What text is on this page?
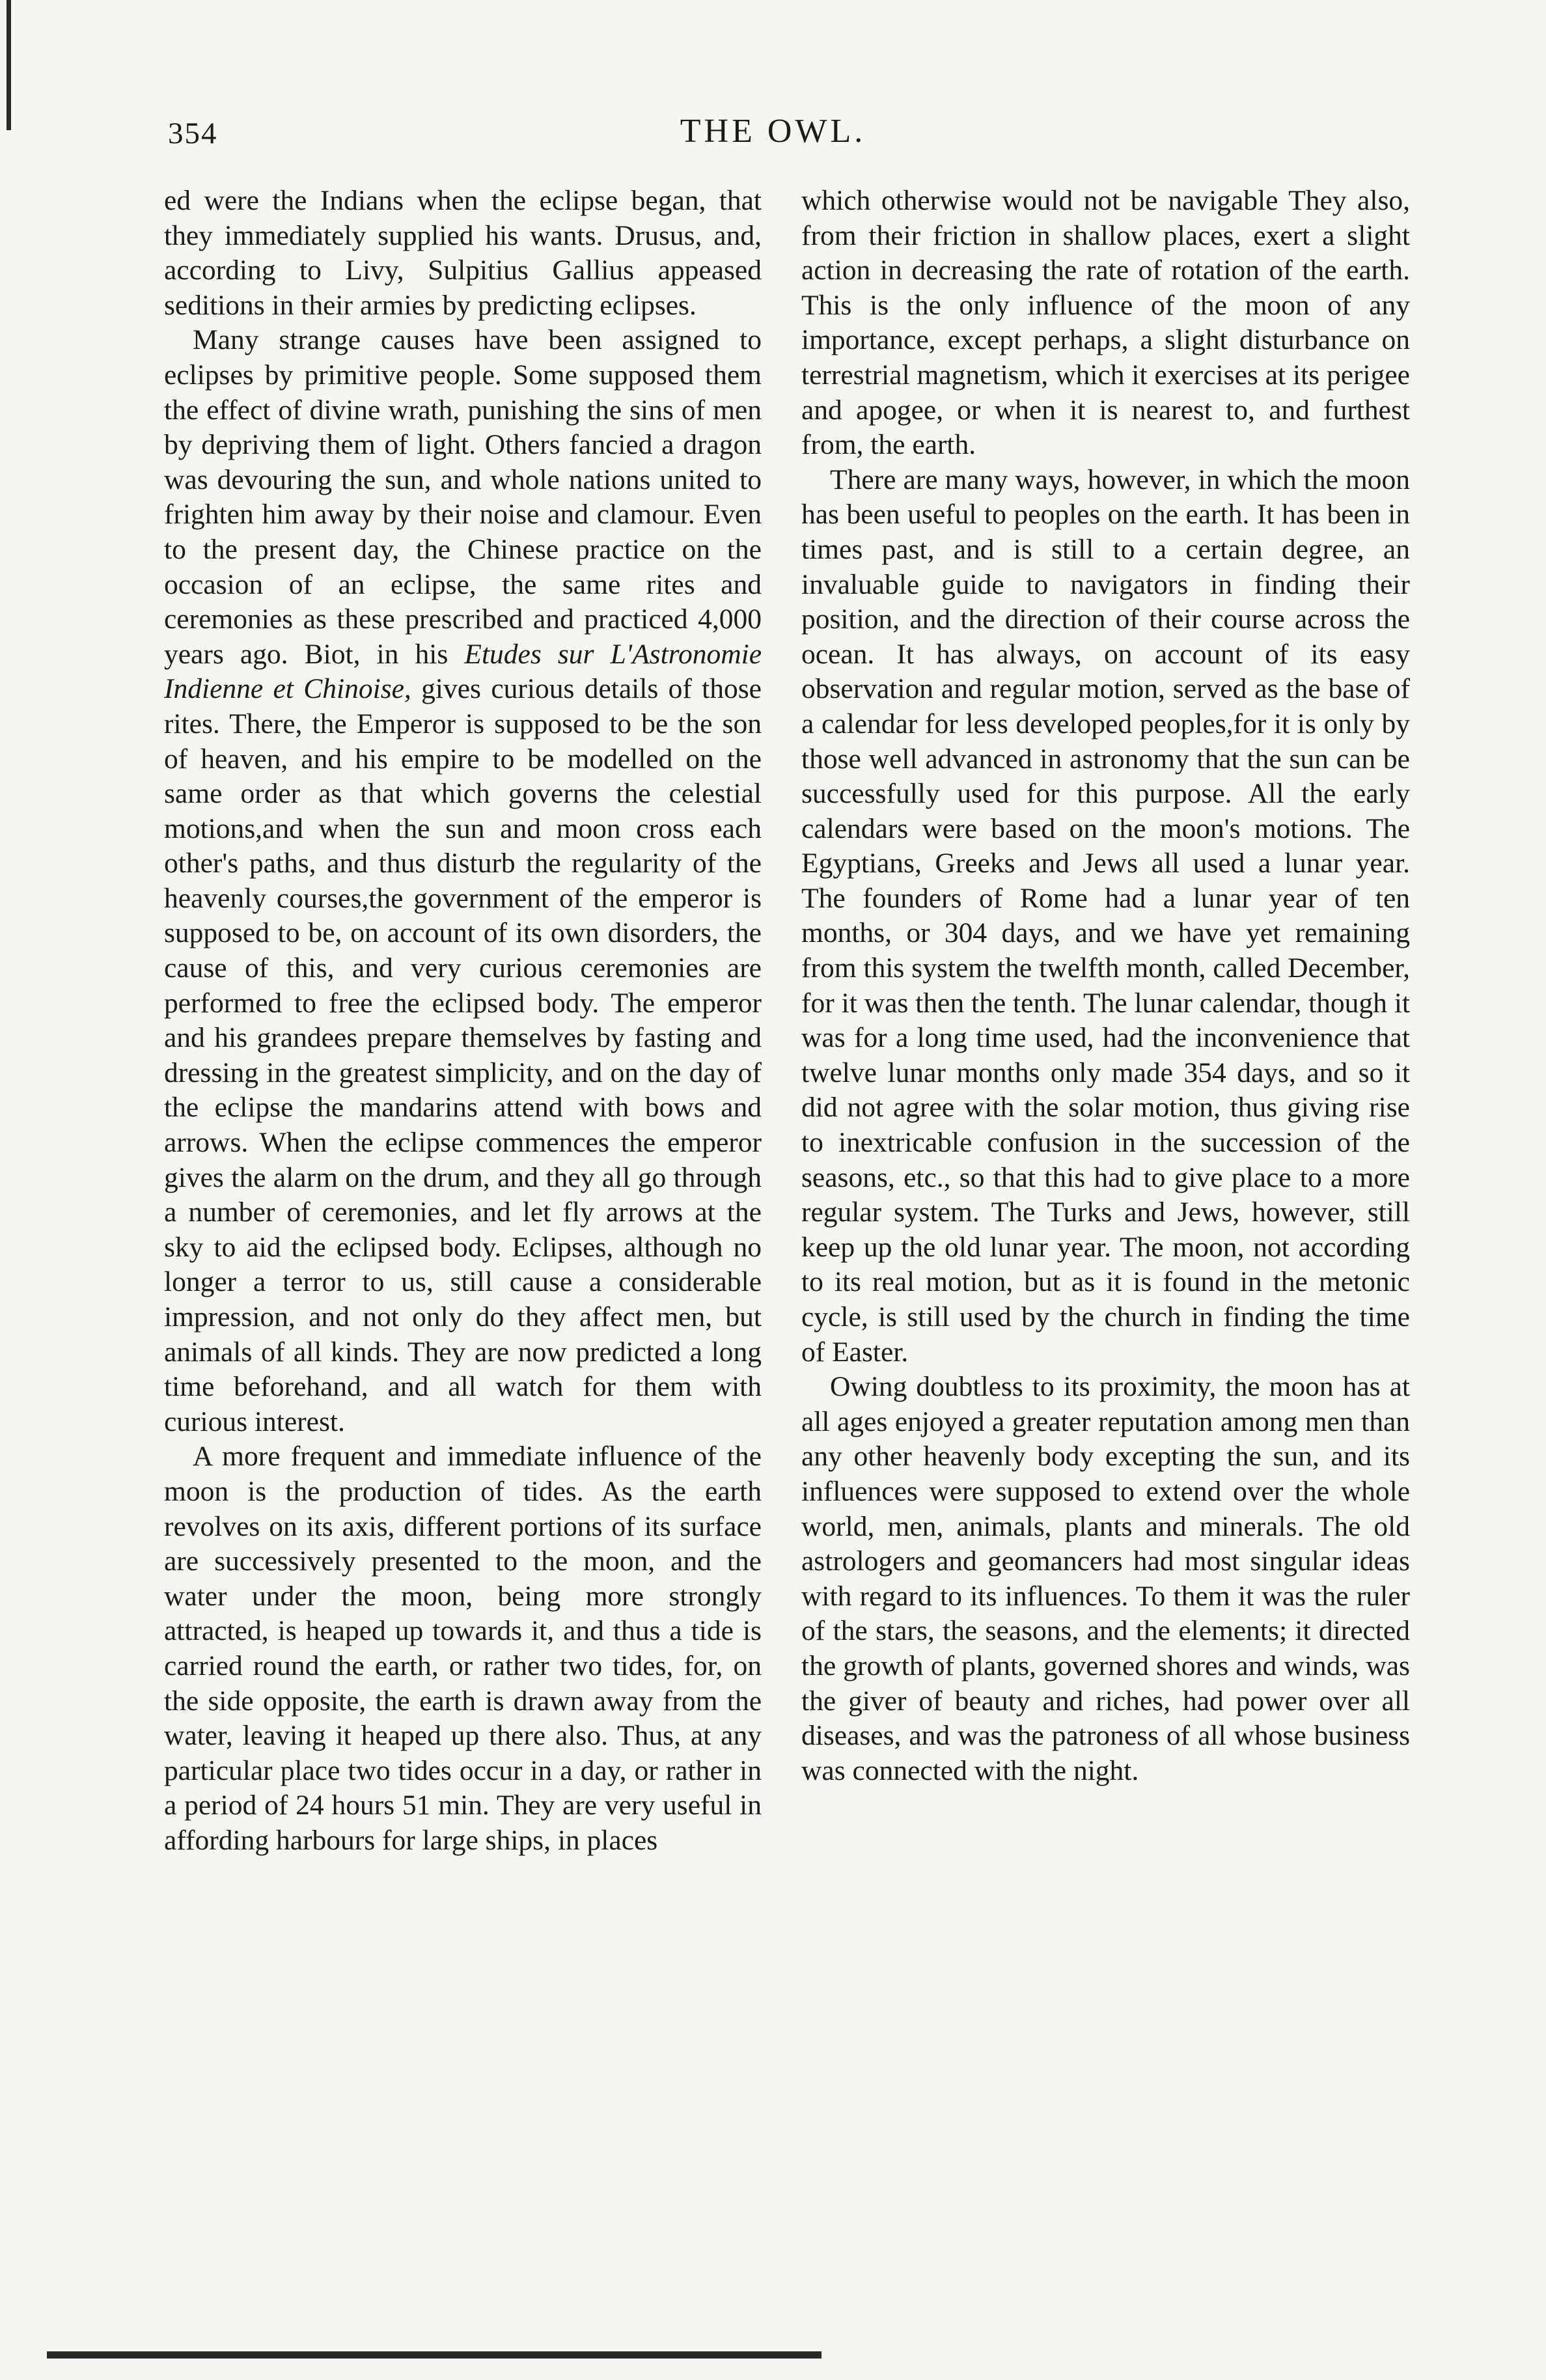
354	THE OWL.

ed were the Indians when the eclipse began, that they immediately supplied his wants. Drusus, and, according to Livy, Sulpitius Gallius appeased seditions in their armies by predicting eclipses.

Many strange causes have been assigned to eclipses by primitive people. Some supposed them the effect of divine wrath, punishing the sins of men by depriving them of light. Others fancied a dragon was devouring the sun, and whole nations united to frighten him away by their noise and clamour. Even to the present day, the Chinese practice on the occasion of an eclipse, the same rites and ceremonies as these prescribed and practiced 4,000 years ago. Biot, in his Etudes sur L'Astronomie Indienne et Chinoise, gives curious details of those rites. There, the Emperor is supposed to be the son of heaven, and his empire to be modelled on the same order as that which governs the celestial motions,and when the sun and moon cross each other's paths, and thus disturb the regularity of the heavenly courses,the government of the emperor is supposed to be, on account of its own disorders, the cause of this, and very curious ceremonies are performed to free the eclipsed body. The emperor and his grandees prepare themselves by fasting and dressing in the greatest simplicity, and on the day of the eclipse the mandarins attend with bows and arrows. When the eclipse commences the emperor gives the alarm on the drum, and they all go through a number of ceremonies, and let fly arrows at the sky to aid the eclipsed body. Eclipses, although no longer a terror to us, still cause a considerable impression, and not only do they affect men, but animals of all kinds. They are now predicted a long time beforehand, and all watch for them with curious interest.

A more frequent and immediate influence of the moon is the production of tides. As the earth revolves on its axis, different portions of its surface are successively presented to the moon, and the water under the moon, being more strongly attracted, is heaped up towards it, and thus a tide is carried round the earth, or rather two tides, for, on the side opposite, the earth is drawn away from the water, leaving it heaped up there also. Thus, at any particular place two tides occur in a day, or rather in a period of 24 hours 51 min. They are very useful in affording harbours for large ships, in places

which otherwise would not be navigable They also, from their friction in shallow places, exert a slight action in decreasing the rate of rotation of the earth. This is the only influence of the moon of any importance, except perhaps, a slight disturbance on terrestrial magnetism, which it exercises at its perigee and apogee, or when it is nearest to, and furthest from, the earth.

There are many ways, however, in which the moon has been useful to peoples on the earth. It has been in times past, and is still to a certain degree, an invaluable guide to navigators in finding their position, and the direction of their course across the ocean. It has always, on account of its easy observation and regular motion, served as the base of a calendar for less developed peoples,for it is only by those well advanced in astronomy that the sun can be successfully used for this purpose. All the early calendars were based on the moon's motions. The Egyptians, Greeks and Jews all used a lunar year. The founders of Rome had a lunar year of ten months, or 304 days, and we have yet remaining from this system the twelfth month, called December, for it was then the tenth. The lunar calendar, though it was for a long time used, had the inconvenience that twelve lunar months only made 354 days, and so it did not agree with the solar motion, thus giving rise to inextricable confusion in the succession of the seasons, etc., so that this had to give place to a more regular system. The Turks and Jews, however, still keep up the old lunar year. The moon, not according to its real motion, but as it is found in the metonic cycle, is still used by the church in finding the time of Easter.

Owing doubtless to its proximity, the moon has at all ages enjoyed a greater reputation among men than any other heavenly body excepting the sun, and its influences were supposed to extend over the whole world, men, animals, plants and minerals. The old astrologers and geomancers had most singular ideas with regard to its influences. To them it was the ruler of the stars, the seasons, and the elements; it directed the growth of plants, governed shores and winds, was the giver of beauty and riches, had power over all diseases, and was the patroness of all whose business was connected with the night.
